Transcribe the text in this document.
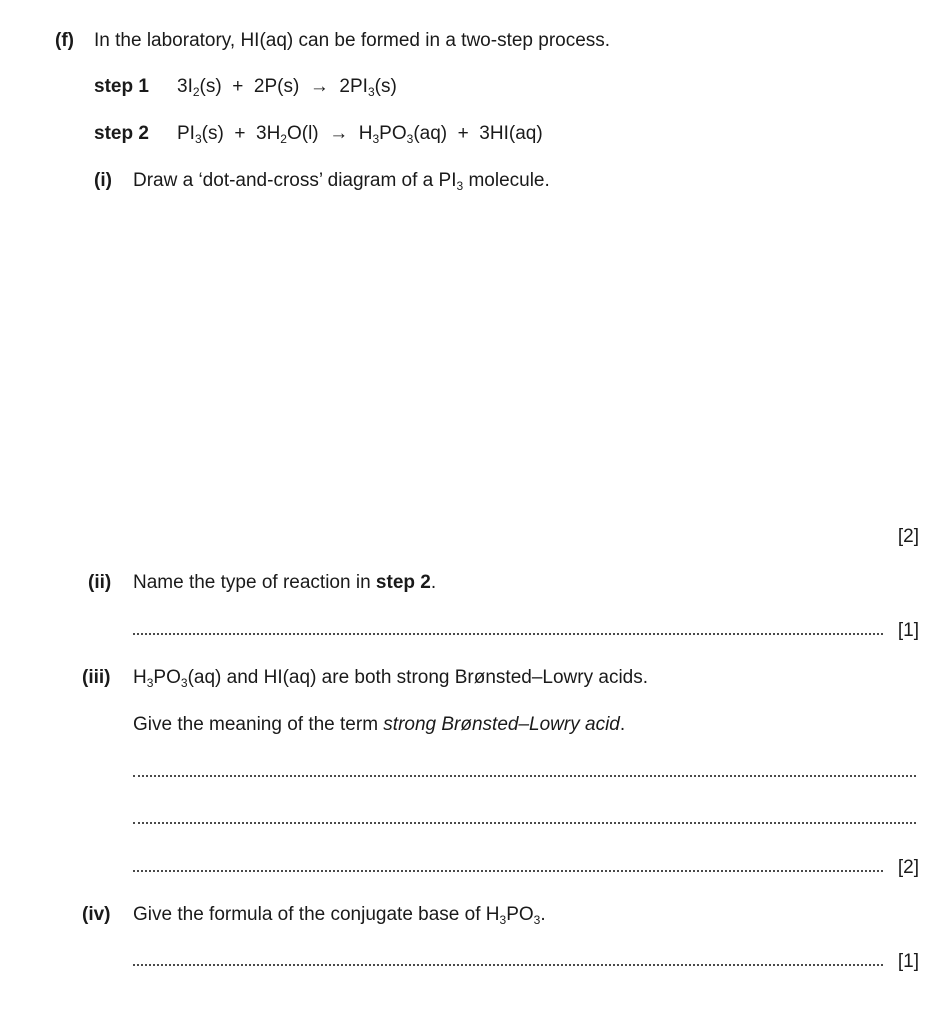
(f) In the laboratory, HI(aq) can be formed in a two-step process.
step 1 $3I_2(s) + 2P(s) \to 2PI_3(s)$
step 2 $PI_3(s) + 3H_2O(l) \to H_3PO_3(aq) + 3HI(aq)$
(i) Draw a ‘dot-and-cross’ diagram of a $PI_3$ molecule.
[2]
(ii) Name the type of reaction in step 2.
[1]
(iii) $H_3PO_3(aq)$ and HI(aq) are both strong Brønsted–Lowry acids.
Give the meaning of the term strong Brønsted–Lowry acid.
[2]
(iv) Give the formula of the conjugate base of $H_3PO_3$.
[1]
